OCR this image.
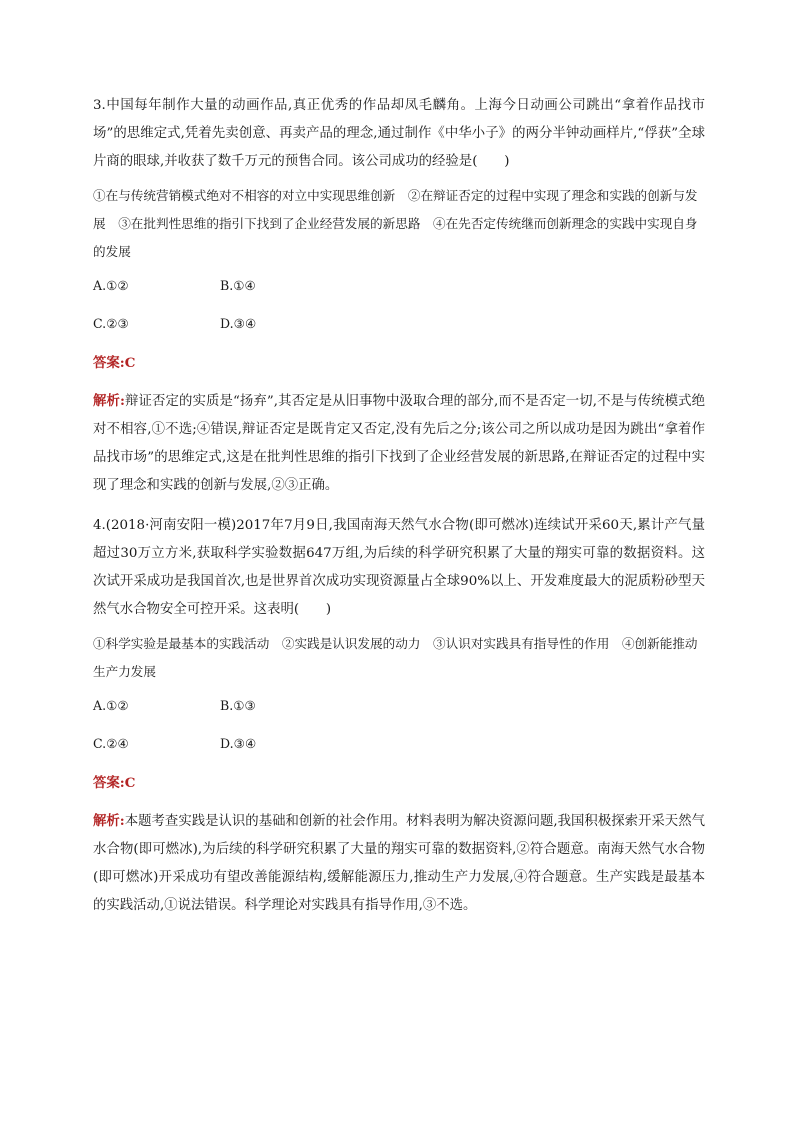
3.中国每年制作大量的动画作品,真正优秀的作品却凤毛麟角。上海今日动画公司跳出“拿着作品找市场”的思维定式,凭着先卖创意、再卖产品的理念,通过制作《中华小子》的两分半钟动画样片,“俘获”全球片商的眼球,并收获了数千万元的预售合同。该公司成功的经验是(　　)

①在与传统营销模式绝对不相容的对立中实现思维创新　②在辩证否定的过程中实现了理念和实践的创新与发展　③在批判性思维的指引下找到了企业经营发展的新思路　④在先否定传统继而创新理念的实践中实现自身的发展

A.①②	B.①④
C.②③	D.③④

答案:C

解析:辩证否定的实质是“扬弃”,其否定是从旧事物中汲取合理的部分,而不是否定一切,不是与传统模式绝对不相容,①不选;④错误,辩证否定是既肯定又否定,没有先后之分;该公司之所以成功是因为跳出“拿着作品找市场”的思维定式,这是在批判性思维的指引下找到了企业经营发展的新思路,在辩证否定的过程中实现了理念和实践的创新与发展,②③正确。

4.(2018·河南安阳一模)2017年7月9日,我国南海天然气水合物(即可燃冰)连续试开采60天,累计产气量超过30万立方米,获取科学实验数据647万组,为后续的科学研究积累了大量的翔实可靠的数据资料。这次试开采成功是我国首次,也是世界首次成功实现资源量占全球90%以上、开发难度最大的泥质粉砂型天然气水合物安全可控开采。这表明(　　)

①科学实验是最基本的实践活动　②实践是认识发展的动力　③认识对实践具有指导性的作用　④创新能推动生产力发展

A.①②	B.①③
C.②④	D.③④

答案:C

解析:本题考查实践是认识的基础和创新的社会作用。材料表明为解决资源问题,我国积极探索开采天然气水合物(即可燃冰),为后续的科学研究积累了大量的翔实可靠的数据资料,②符合题意。南海天然气水合物(即可燃冰)开采成功有望改善能源结构,缓解能源压力,推动生产力发展,④符合题意。生产实践是最基本的实践活动,①说法错误。科学理论对实践具有指导作用,③不选。
